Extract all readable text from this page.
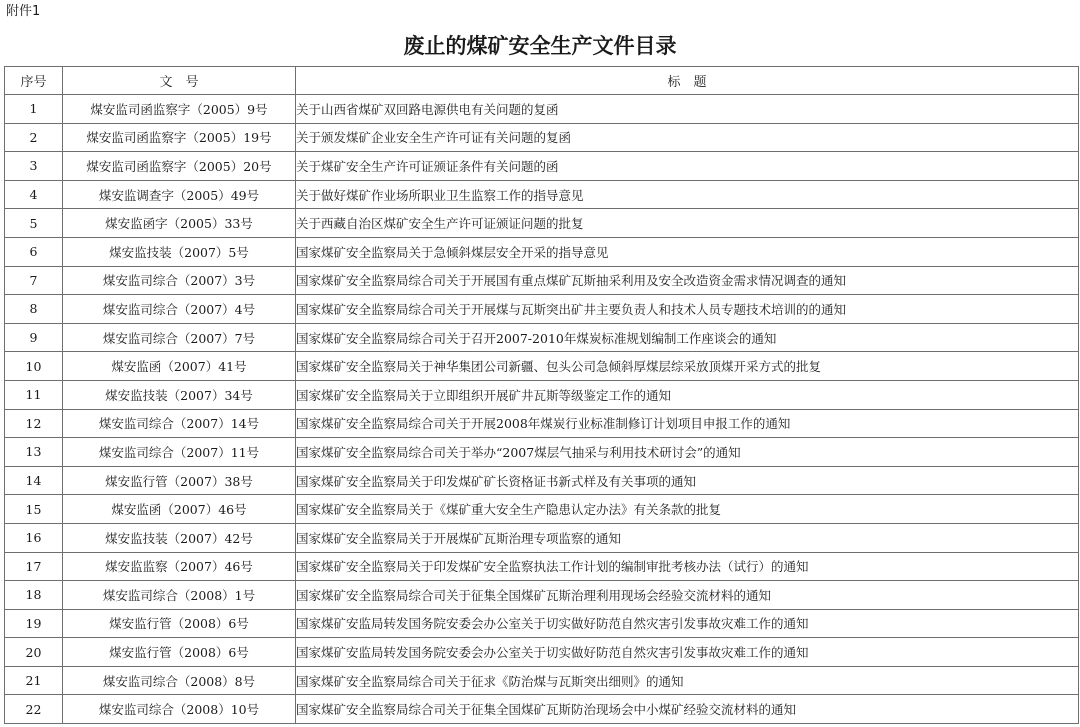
附件1

废止的煤矿安全生产文件目录
序号	文　号	标　题
1	煤安监司函监察字（2005）9号	关于山西省煤矿双回路电源供电有关问题的复函
2	煤安监司函监察字（2005）19号	关于颁发煤矿企业安全生产许可证有关问题的复函
3	煤安监司函监察字（2005）20号	关于煤矿安全生产许可证颁证条件有关问题的函
4	煤安监调查字（2005）49号	关于做好煤矿作业场所职业卫生监察工作的指导意见
5	煤安监函字（2005）33号	关于西藏自治区煤矿安全生产许可证颁证问题的批复
6	煤安监技装（2007）5号	国家煤矿安全监察局关于急倾斜煤层安全开采的指导意见
7	煤安监司综合（2007）3号	国家煤矿安全监察局综合司关于开展国有重点煤矿瓦斯抽采利用及安全改造资金需求情况调查的通知
8	煤安监司综合（2007）4号	国家煤矿安全监察局综合司关于开展煤与瓦斯突出矿井主要负责人和技术人员专题技术培训的的通知
9	煤安监司综合（2007）7号	国家煤矿安全监察局综合司关于召开2007-2010年煤炭标准规划编制工作座谈会的通知
10	煤安监函（2007）41号	国家煤矿安全监察局关于神华集团公司新疆、包头公司急倾斜厚煤层综采放顶煤开采方式的批复
11	煤安监技装（2007）34号	国家煤矿安全监察局关于立即组织开展矿井瓦斯等级鉴定工作的通知
12	煤安监司综合（2007）14号	国家煤矿安全监察局综合司关于开展2008年煤炭行业标准制修订计划项目申报工作的通知
13	煤安监司综合（2007）11号	国家煤矿安全监察局综合司关于举办“2007煤层气抽采与利用技术研讨会”的通知
14	煤安监行管（2007）38号	国家煤矿安全监察局关于印发煤矿矿长资格证书新式样及有关事项的通知
15	煤安监函（2007）46号	国家煤矿安全监察局关于《煤矿重大安全生产隐患认定办法》有关条款的批复
16	煤安监技装（2007）42号	国家煤矿安全监察局关于开展煤矿瓦斯治理专项监察的通知
17	煤安监监察（2007）46号	国家煤矿安全监察局关于印发煤矿安全监察执法工作计划的编制审批考核办法（试行）的通知
18	煤安监司综合（2008）1号	国家煤矿安全监察局综合司关于征集全国煤矿瓦斯治理利用现场会经验交流材料的通知
19	煤安监行管（2008）6号	国家煤矿安监局转发国务院安委会办公室关于切实做好防范自然灾害引发事故灾难工作的通知
20	煤安监行管（2008）6号	国家煤矿安监局转发国务院安委会办公室关于切实做好防范自然灾害引发事故灾难工作的通知
21	煤安监司综合（2008）8号	国家煤矿安全监察局综合司关于征求《防治煤与瓦斯突出细则》的通知
22	煤安监司综合（2008）10号	国家煤矿安全监察局综合司关于征集全国煤矿瓦斯防治现场会中小煤矿经验交流材料的通知
